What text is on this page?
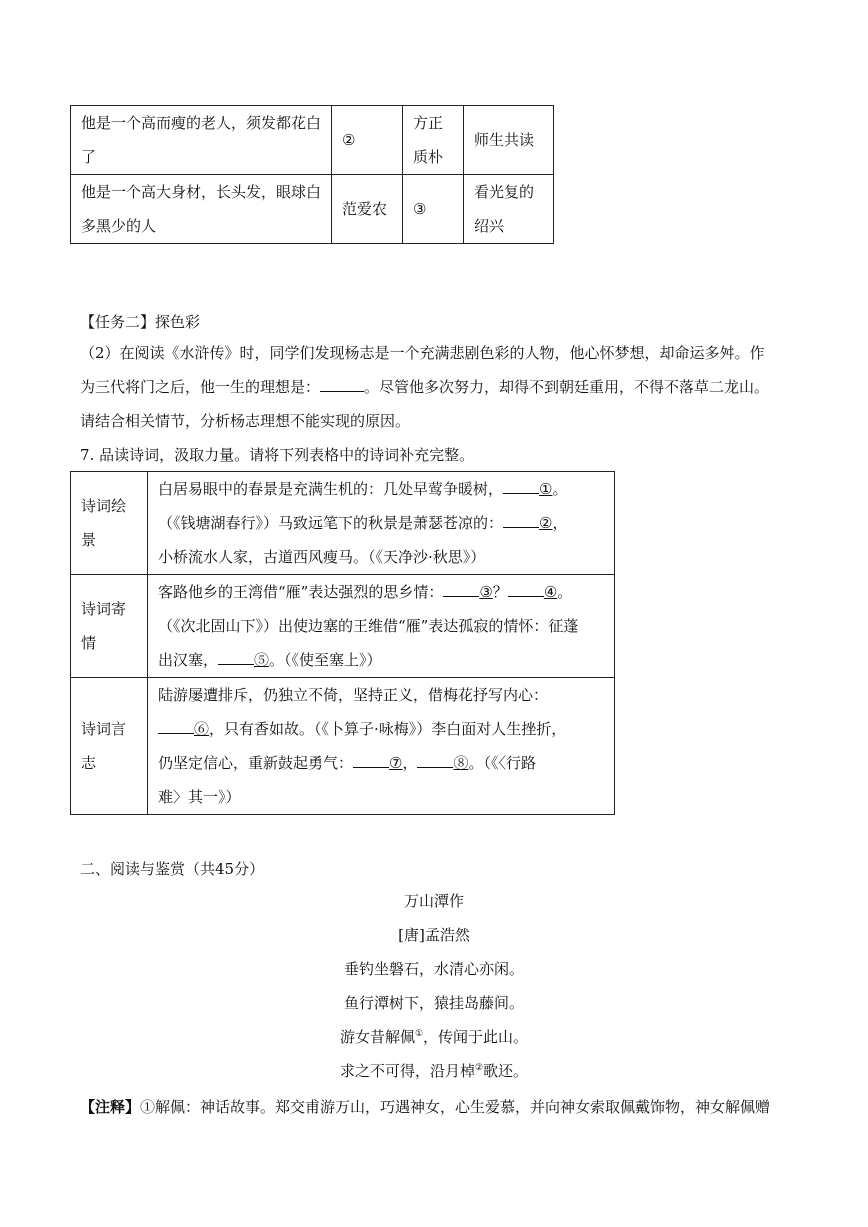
他是一个高而瘦的老人，须发都花白了	②	方正质朴	师生共读
他是一个高大身材，长头发，眼球白多黑少的人	范爱农	③	看光复的绍兴
【任务二】探色彩
（2）在阅读《水浒传》时，同学们发现杨志是一个充满悲剧色彩的人物，他心怀梦想，却命运多舛。作
为三代将门之后，他一生的理想是：	。尽管他多次努力，却得不到朝廷重用，不得不落草二龙山。
请结合相关情节，分析杨志理想不能实现的原因。
7. 品读诗词，汲取力量。请将下列表格中的诗词补充完整。
诗词绘景	白居易眼中的春景是充满生机的：几处早莺争暖树， ①。
（《钱塘湖春行》）马致远笔下的秋景是萧瑟苍凉的： ②，
小桥流水人家，古道西风瘦马。（《天净沙·秋思》）

诗词寄情	客路他乡的王湾借“雁”表达强烈的思乡情： ③？ ④。
（《次北固山下》）出使边塞的王维借“雁”表达孤寂的情怀：征蓬
出汉塞， ⑤。（《使至塞上》）

诗词言志	陆游屡遭排斥，仍独立不倚，坚持正义，借梅花抒写内心：
⑥，只有香如故。（《卜算子·咏梅》）李白面对人生挫折，
仍坚定信心，重新鼓起勇气： ⑦， ⑧。（《〈行路
难〉其一》）
二、阅读与鉴赏（共45分）
万山潭作
[唐]孟浩然
垂钓坐磐石，水清心亦闲。
鱼行潭树下，猿挂岛藤间。
游女昔解佩①，传闻于此山。
求之不可得，沿月棹②歌还。
【注释】①解佩：神话故事。郑交甫游万山，巧遇神女，心生爱慕，并向神女索取佩戴饰物，神女解佩赠
